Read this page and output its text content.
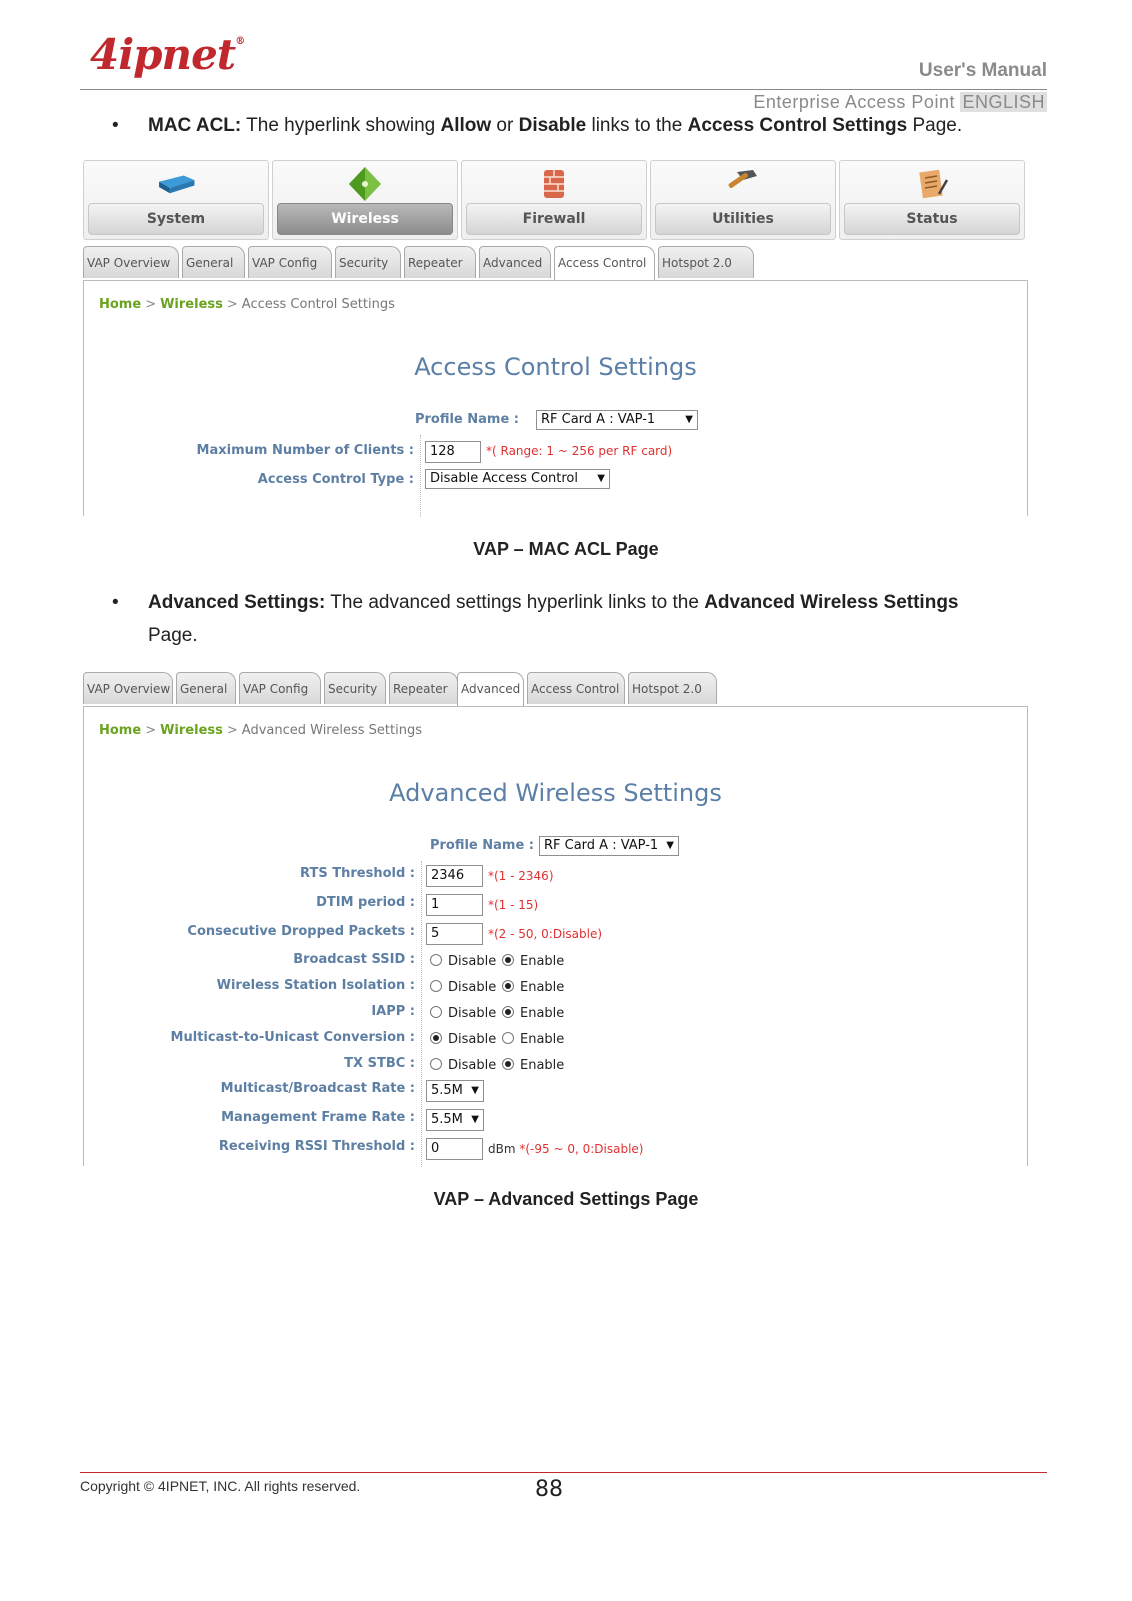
4ipnet®
User's Manual
Enterprise Access Point ENGLISH
• MAC ACL: The hyperlink showing Allow or Disable links to the Access Control Settings Page.
System	Wireless	Firewall	Utilities	Status
VAP Overview	General	VAP Config	Security	Repeater	Advanced	Access Control	Hotspot 2.0
Home > Wireless > Access Control Settings
Access Control Settings
Profile Name :	RF Card A : VAP-1	▼
Maximum Number of Clients :	128	*( Range: 1 ~ 256 per RF card)
Access Control Type :	Disable Access Control ▼
VAP – MAC ACL Page
• Advanced Settings: The advanced settings hyperlink links to the Advanced Wireless Settings Page.
VAP Overview General	VAP Config	Security	Repeater	Advanced Access Control	Hotspot 2.0
Home > Wireless > Advanced Wireless Settings
Advanced Wireless Settings
Profile Name : RF Card A : VAP-1 ▼
RTS Threshold :	2346	*(1 - 2346)
DTIM period :	1	*(1 - 15)
Consecutive Dropped Packets :	5	*(2 - 50, 0:Disable)
Broadcast SSID :	Disable	Enable
Wireless Station Isolation :	Disable	Enable
IAPP :	Disable	Enable
Multicast-to-Unicast Conversion :	Disable	Enable
TX STBC :	Disable	Enable
Multicast/Broadcast Rate :	5.5M ▼
Management Frame Rate :	5.5M ▼
Receiving RSSI Threshold :	0	dBm *(-95 ~ 0, 0:Disable)
VAP – Advanced Settings Page
Copyright © 4IPNET, INC. All rights reserved.	88
